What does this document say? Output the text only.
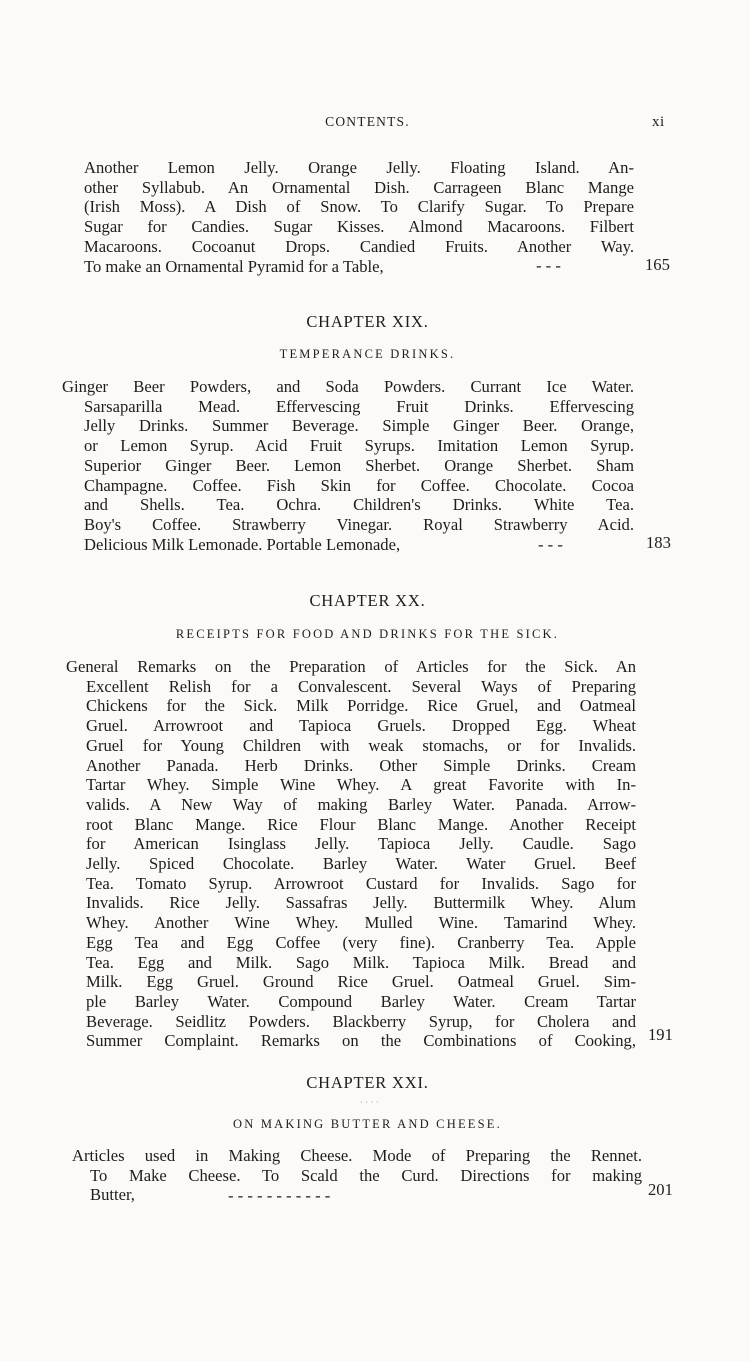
CONTENTS.	xi
Another Lemon Jelly. Orange Jelly. Floating Island. An-
other Syllabub. An Ornamental Dish. Carrageen Blanc Mange
(Irish Moss). A Dish of Snow. To Clarify Sugar. To Prepare
Sugar for Candies. Sugar Kisses. Almond Macaroons. Filbert
Macaroons. Cocoanut Drops. Candied Fruits. Another Way.
To make an Ornamental Pyramid for a Table,	- - -	165
CHAPTER XIX.
TEMPERANCE DRINKS.
Ginger Beer Powders, and Soda Powders. Currant Ice Water.
Sarsaparilla Mead. Effervescing Fruit Drinks. Effervescing
Jelly Drinks. Summer Beverage. Simple Ginger Beer. Orange,
or Lemon Syrup. Acid Fruit Syrups. Imitation Lemon Syrup.
Superior Ginger Beer. Lemon Sherbet. Orange Sherbet. Sham
Champagne. Coffee. Fish Skin for Coffee. Chocolate. Cocoa
and Shells. Tea. Ochra. Children's Drinks. White Tea.
Boy's Coffee. Strawberry Vinegar. Royal Strawberry Acid.
Delicious Milk Lemonade. Portable Lemonade,	- - -	183
CHAPTER XX.
RECEIPTS FOR FOOD AND DRINKS FOR THE SICK.
General Remarks on the Preparation of Articles for the Sick. An
Excellent Relish for a Convalescent. Several Ways of Preparing
Chickens for the Sick. Milk Porridge. Rice Gruel, and Oatmeal
Gruel. Arrowroot and Tapioca Gruels. Dropped Egg. Wheat
Gruel for Young Children with weak stomachs, or for Invalids.
Another Panada. Herb Drinks. Other Simple Drinks. Cream
Tartar Whey. Simple Wine Whey. A great Favorite with In-
valids. A New Way of making Barley Water. Panada. Arrow-
root Blanc Mange. Rice Flour Blanc Mange. Another Receipt
for American Isinglass Jelly. Tapioca Jelly. Caudle. Sago
Jelly. Spiced Chocolate. Barley Water. Water Gruel. Beef
Tea. Tomato Syrup. Arrowroot Custard for Invalids. Sago for
Invalids. Rice Jelly. Sassafras Jelly. Buttermilk Whey. Alum
Whey. Another Wine Whey. Mulled Wine. Tamarind Whey.
Egg Tea and Egg Coffee (very fine). Cranberry Tea. Apple
Tea. Egg and Milk. Sago Milk. Tapioca Milk. Bread and
Milk. Egg Gruel. Ground Rice Gruel. Oatmeal Gruel. Sim-
ple Barley Water. Compound Barley Water. Cream Tartar
Beverage. Seidlitz Powders. Blackberry Syrup, for Cholera and
Summer Complaint. Remarks on the Combinations of Cooking, 191
CHAPTER XXI.
· · · ·
ON MAKING BUTTER AND CHEESE.
Articles used in Making Cheese. Mode of Preparing the Rennet.
To Make Cheese. To Scald the Curd. Directions for making
Butter,	- - - - - - - - - - -	201
